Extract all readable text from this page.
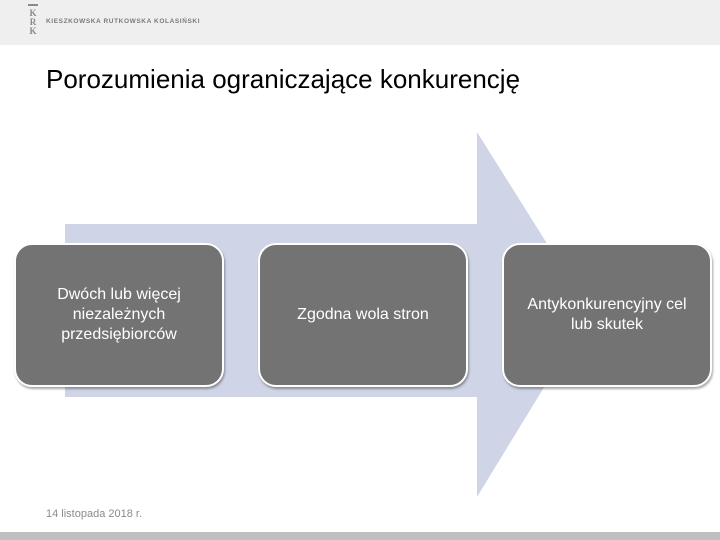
K
R
K
KIESZKOWSKA RUTKOWSKA KOLASIŃSKI
Porozumienia ograniczające konkurencję
Dwóch lub więcej niezależnych przedsiębiorców
Zgodna wola stron
Antykonkurencyjny cel lub skutek
14 listopada 2018 r.
